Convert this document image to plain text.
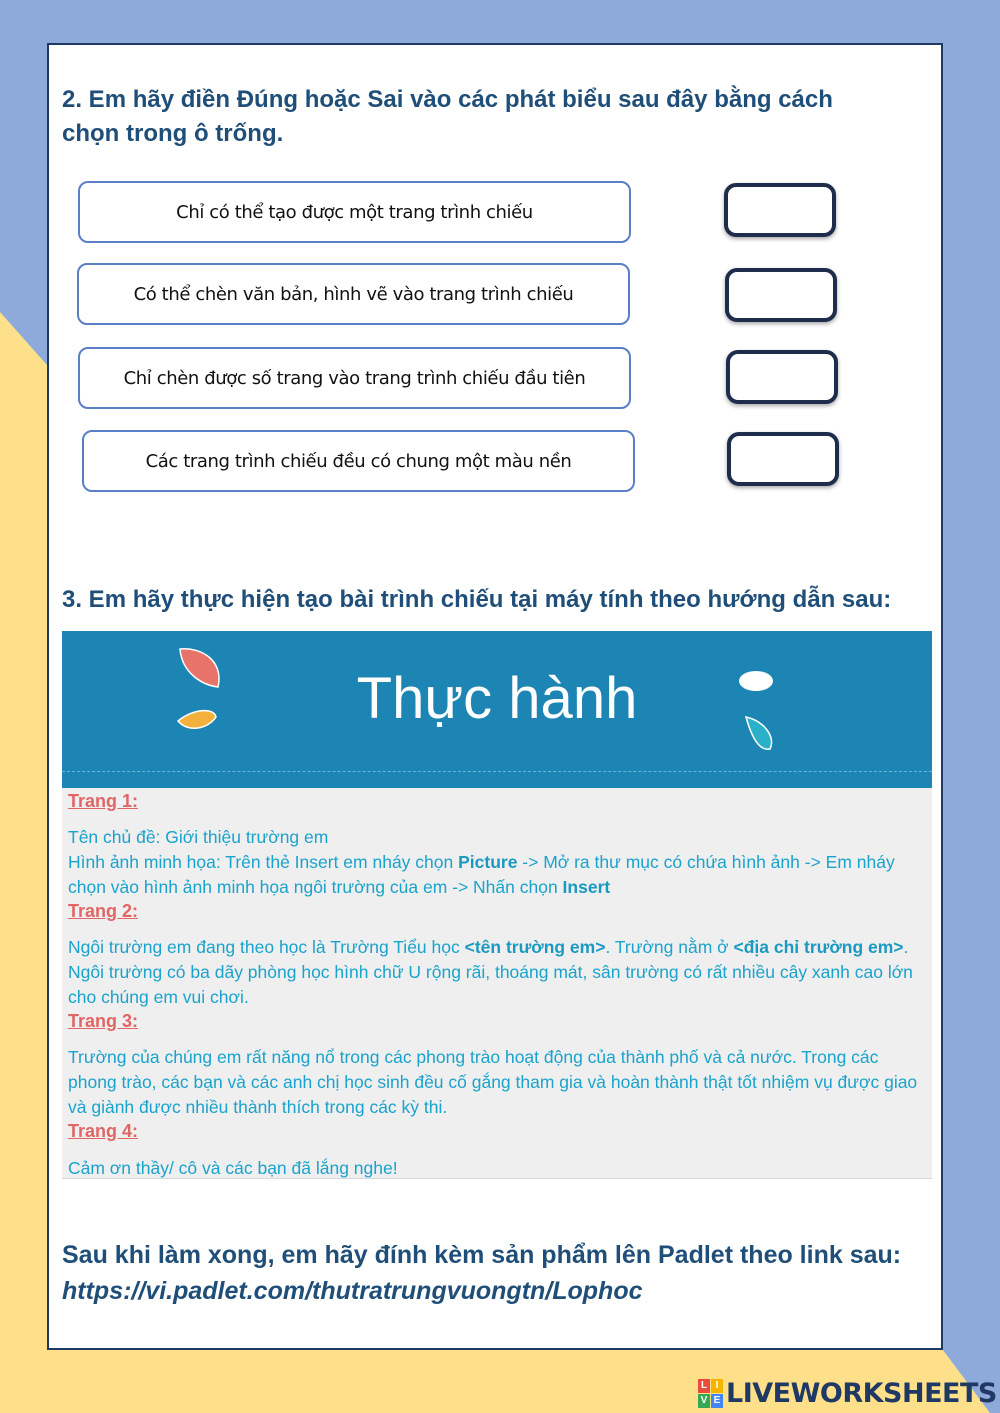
2. Em hãy điền Đúng hoặc Sai vào các phát biểu sau đây bằng cách
chọn trong ô trống.

Chỉ có thể tạo được một trang trình chiếu
Có thể chèn văn bản, hình vẽ vào trang trình chiếu
Chỉ chèn được số trang vào trang trình chiếu đầu tiên
Các trang trình chiếu đều có chung một màu nền

3. Em hãy thực hiện tạo bài trình chiếu tại máy tính theo hướng dẫn sau:

Thực hành

Trang 1:

Tên chủ đề: Giới thiệu trường em
Hình ảnh minh họa: Trên thẻ Insert em nháy chọn Picture -> Mở ra thư mục có chứa hình ảnh -> Em nháy chọn vào hình ảnh minh họa ngôi trường của em -> Nhấn chọn Insert

Trang 2:

Ngôi trường em đang theo học là Trường Tiểu học <tên trường em>. Trường nằm ở <địa chỉ trường em>. Ngôi trường có ba dãy phòng học hình chữ U rộng rãi, thoáng mát, sân trường có rất nhiều cây xanh cao lớn cho chúng em vui chơi.

Trang 3:

Trường của chúng em rất năng nổ trong các phong trào hoạt động của thành phố và cả nước. Trong các phong trào, các bạn và các anh chị học sinh đều cố gắng tham gia và hoàn thành thật tốt nhiệm vụ được giao và giành được nhiều thành thích trong các kỳ thi.

Trang 4:

Cảm ơn thầy/ cô và các bạn đã lắng nghe!

Sau khi làm xong, em hãy đính kèm sản phẩm lên Padlet theo link sau:

https://vi.padlet.com/thutratrungvuongtn/Lophoc

L I
V E LIVEWORKSHEETS
